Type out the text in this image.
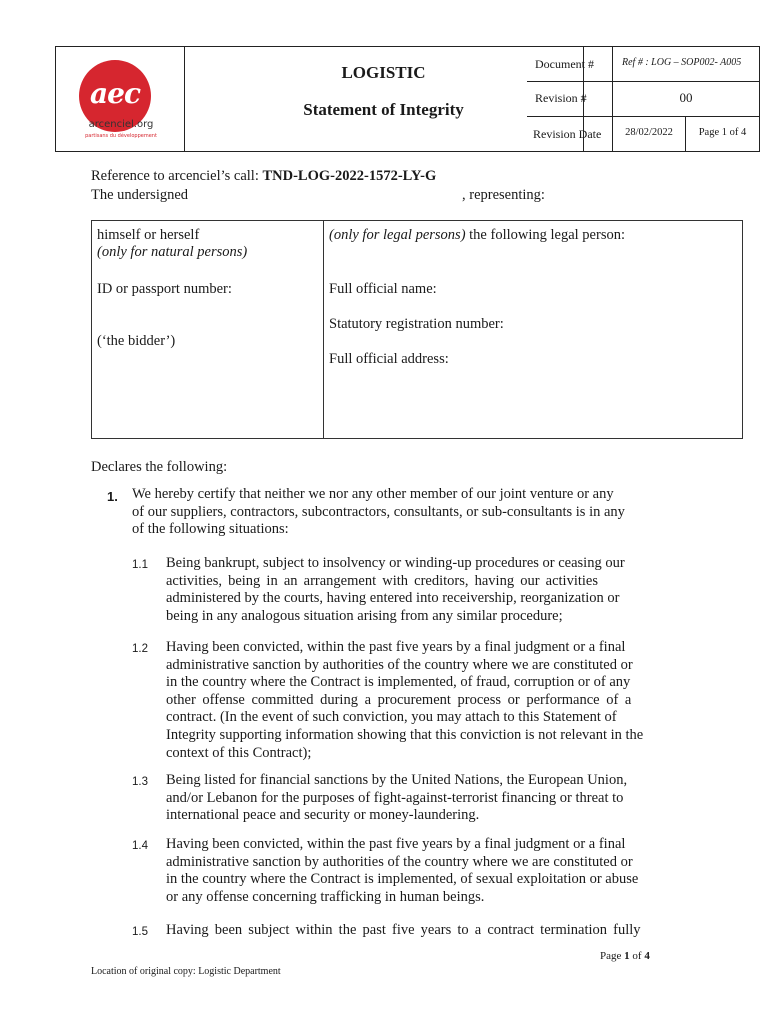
aec
arcenciel.org
partisans du développement
LOGISTIC
Statement of Integrity
Document #	Ref # : LOG – SOP002- A005
Revision #	00
Revision Date	28/02/2022	Page 1 of 4
Reference to arcenciel’s call: TND-LOG-2022-1572-LY-G
The undersigned	, representing:
himself or herself
(only for natural persons)
ID or passport number:
(‘the bidder’)
(only for legal persons) the following legal person:
Full official name:
Statutory registration number:
Full official address:
Declares the following:
1. We hereby certify that neither we nor any other member of our joint venture or any
of our suppliers, contractors, subcontractors, consultants, or sub-consultants is in any
of the following situations:
1.1 Being bankrupt, subject to insolvency or winding-up procedures or ceasing our
activities, being in an arrangement with creditors, having our activities
administered by the courts, having entered into receivership, reorganization or
being in any analogous situation arising from any similar procedure;
1.2 Having been convicted, within the past five years by a final judgment or a final
administrative sanction by authorities of the country where we are constituted or
in the country where the Contract is implemented, of fraud, corruption or of any
other offense committed during a procurement process or performance of a
contract. (In the event of such conviction, you may attach to this Statement of
Integrity supporting information showing that this conviction is not relevant in the
context of this Contract);
1.3 Being listed for financial sanctions by the United Nations, the European Union,
and/or Lebanon for the purposes of fight-against-terrorist financing or threat to
international peace and security or money-laundering.
1.4 Having been convicted, within the past five years by a final judgment or a final
administrative sanction by authorities of the country where we are constituted or
in the country where the Contract is implemented, of sexual exploitation or abuse
or any offense concerning trafficking in human beings.
1.5 Having been subject within the past five years to a contract termination fully
Page 1 of 4
Location of original copy: Logistic Department
